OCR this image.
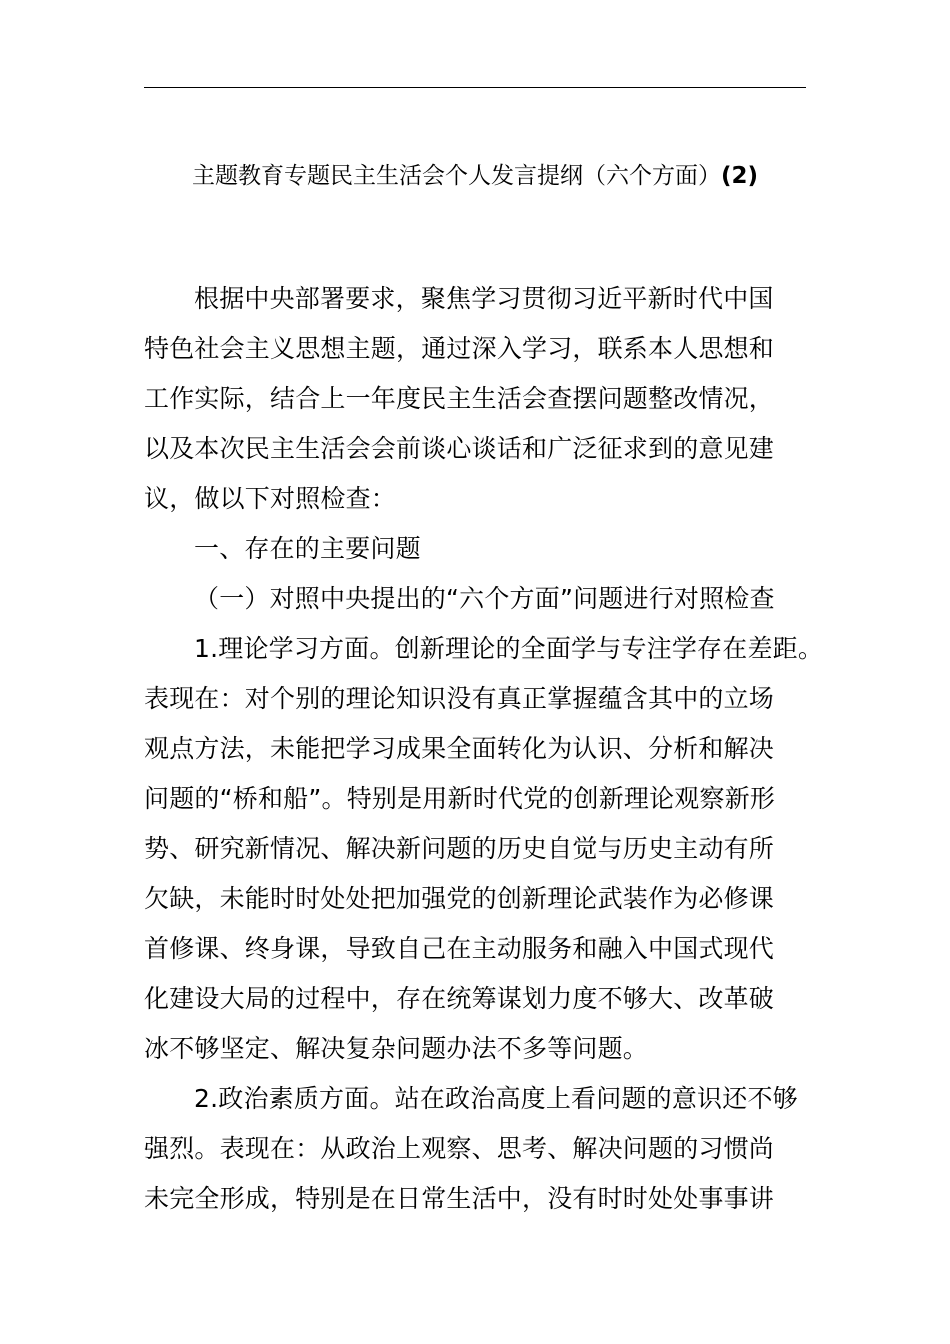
主题教育专题民主生活会个人发言提纲（六个方面）(2)
根据中央部署要求，聚焦学习贯彻习近平新时代中国
特色社会主义思想主题，通过深入学习，联系本人思想和
工作实际，结合上一年度民主生活会查摆问题整改情况，
以及本次民主生活会会前谈心谈话和广泛征求到的意见建
议，做以下对照检查：
一、存在的主要问题
（一）对照中央提出的“六个方面”问题进行对照检查
1.理论学习方面。创新理论的全面学与专注学存在差距。
表现在：对个别的理论知识没有真正掌握蕴含其中的立场
观点方法，未能把学习成果全面转化为认识、分析和解决
问题的“桥和船”。特别是用新时代党的创新理论观察新形
势、研究新情况、解决新问题的历史自觉与历史主动有所
欠缺，未能时时处处把加强党的创新理论武装作为必修课
首修课、终身课，导致自己在主动服务和融入中国式现代
化建设大局的过程中，存在统筹谋划力度不够大、改革破
冰不够坚定、解决复杂问题办法不多等问题。
2.政治素质方面。站在政治高度上看问题的意识还不够
强烈。表现在：从政治上观察、思考、解决问题的习惯尚
未完全形成，特别是在日常生活中，没有时时处处事事讲
